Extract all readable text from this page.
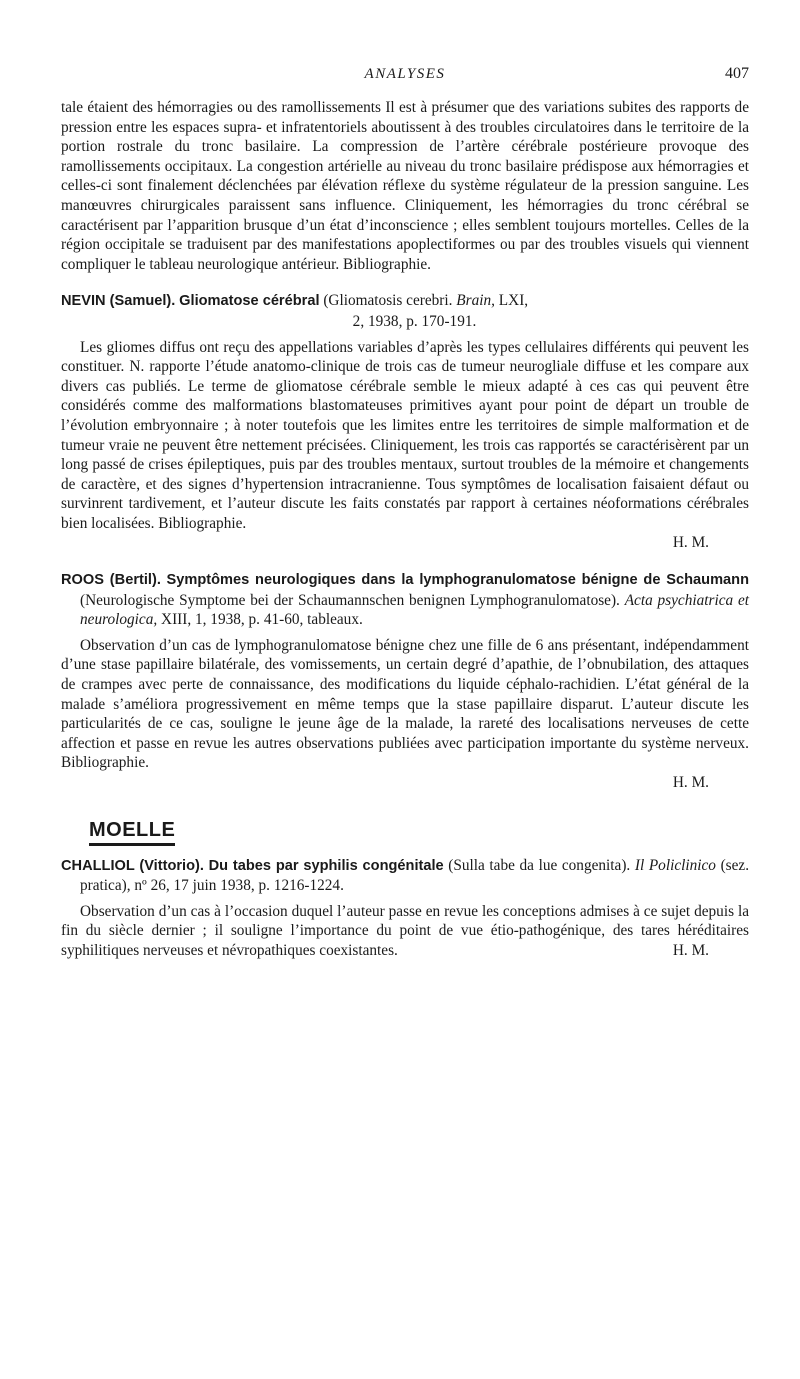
ANALYSES	407

tale étaient des hémorragies ou des ramollissements Il est à présumer que des variations subites des rapports de pression entre les espaces supra- et infratentoriels aboutissent à des troubles circulatoires dans le territoire de la portion rostrale du tronc basilaire. La compression de l’artère cérébrale postérieure provoque des ramollissements occipitaux. La congestion artérielle au niveau du tronc basilaire prédispose aux hémorragies et celles-ci sont finalement déclenchées par élévation réflexe du système régulateur de la pression sanguine. Les manœuvres chirurgicales paraissent sans influence. Cliniquement, les hémorragies du tronc cérébral se caractérisent par l’apparition brusque d’un état d’inconscience ; elles semblent toujours mortelles. Celles de la région occipitale se traduisent par des manifestations apoplectiformes ou par des troubles visuels qui viennent compliquer le tableau neurologique antérieur. Bibliographie.

NEVIN (Samuel). Gliomatose cérébral (Gliomatosis cerebri. Brain, LXI,
2, 1938, p. 170-191.

Les gliomes diffus ont reçu des appellations variables d’après les types cellulaires différents qui peuvent les constituer. N. rapporte l’étude anatomo-clinique de trois cas de tumeur neurogliale diffuse et les compare aux divers cas publiés. Le terme de gliomatose cérébrale semble le mieux adapté à ces cas qui peuvent être considérés comme des malformations blastomateuses primitives ayant pour point de départ un trouble de l’évolution embryonnaire ; à noter toutefois que les limites entre les territoires de simple malformation et de tumeur vraie ne peuvent être nettement précisées. Cliniquement, les trois cas rapportés se caractérisèrent par un long passé de crises épileptiques, puis par des troubles mentaux, surtout troubles de la mémoire et changements de caractère, et des signes d’hypertension intracranienne. Tous symptômes de localisation faisaient défaut ou survinrent tardivement, et l’auteur discute les faits constatés par rapport à certaines néoformations cérébrales bien localisées. Bibliographie.

H. M.

ROOS (Bertil). Symptômes neurologiques dans la lymphogranulomatose bénigne de Schaumann (Neurologische Symptome bei der Schaumannschen benignen Lymphogranulomatose). Acta psychiatrica et neurologica, XIII, 1, 1938, p. 41-60, tableaux.

Observation d’un cas de lymphogranulomatose bénigne chez une fille de 6 ans présentant, indépendamment d’une stase papillaire bilatérale, des vomissements, un certain degré d’apathie, de l’obnubilation, des attaques de crampes avec perte de connaissance, des modifications du liquide céphalo-rachidien. L’état général de la malade s’améliora progressivement en même temps que la stase papillaire disparut. L’auteur discute les particularités de ce cas, souligne le jeune âge de la malade, la rareté des localisations nerveuses de cette affection et passe en revue les autres observations publiées avec participation importante du système nerveux. Bibliographie.

H. M.

MOELLE

CHALLIOL (Vittorio). Du tabes par syphilis congénitale (Sulla tabe da lue congenita). Il Policlinico (sez. pratica), nº 26, 17 juin 1938, p. 1216-1224.

Observation d’un cas à l’occasion duquel l’auteur passe en revue les conceptions admises à ce sujet depuis la fin du siècle dernier ; il souligne l’importance du point de vue étio-pathogénique, des tares héréditaires syphilitiques nerveuses et névropathiques coexistantes.	H. M.
